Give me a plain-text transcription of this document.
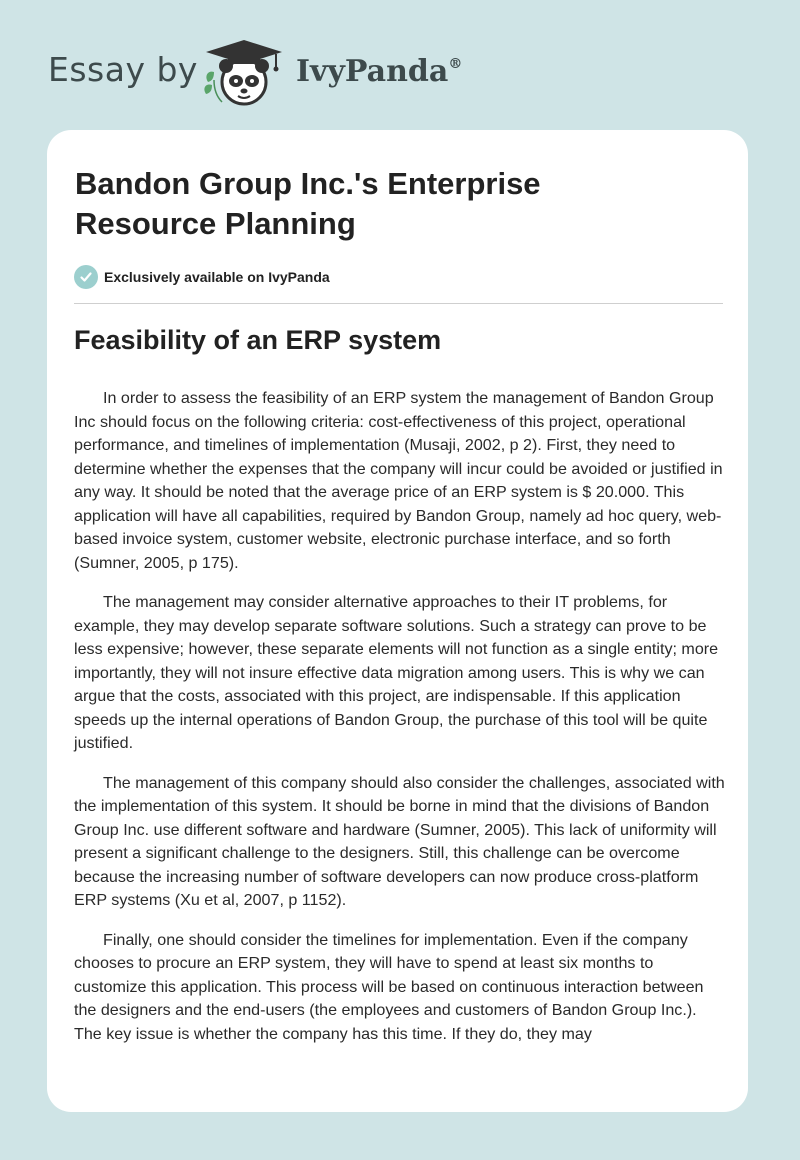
Essay by	IvyPanda®
Bandon Group Inc.'s Enterprise Resource Planning
Exclusively available on IvyPanda
Feasibility of an ERP system

In order to assess the feasibility of an ERP system the management of Bandon Group Inc should focus on the following criteria: cost-effectiveness of this project, operational performance, and timelines of implementation (Musaji, 2002, p 2). First, they need to determine whether the expenses that the company will incur could be avoided or justified in any way. It should be noted that the average price of an ERP system is $ 20.000. This application will have all capabilities, required by Bandon Group, namely ad hoc query, web-based invoice system, customer website, electronic purchase interface, and so forth (Sumner, 2005, p 175).

The management may consider alternative approaches to their IT problems, for example, they may develop separate software solutions. Such a strategy can prove to be less expensive; however, these separate elements will not function as a single entity; more importantly, they will not insure effective data migration among users. This is why we can argue that the costs, associated with this project, are indispensable. If this application speeds up the internal operations of Bandon Group, the purchase of this tool will be quite justified.

The management of this company should also consider the challenges, associated with the implementation of this system. It should be borne in mind that the divisions of Bandon Group Inc. use different software and hardware (Sumner, 2005). This lack of uniformity will present a significant challenge to the designers. Still, this challenge can be overcome because the increasing number of software developers can now produce cross-platform ERP systems (Xu et al, 2007, p 1152).

Finally, one should consider the timelines for implementation. Even if the company chooses to procure an ERP system, they will have to spend at least six months to customize this application. This process will be based on continuous interaction between the designers and the end-users (the employees and customers of Bandon Group Inc.). The key issue is whether the company has this time. If they do, they may
